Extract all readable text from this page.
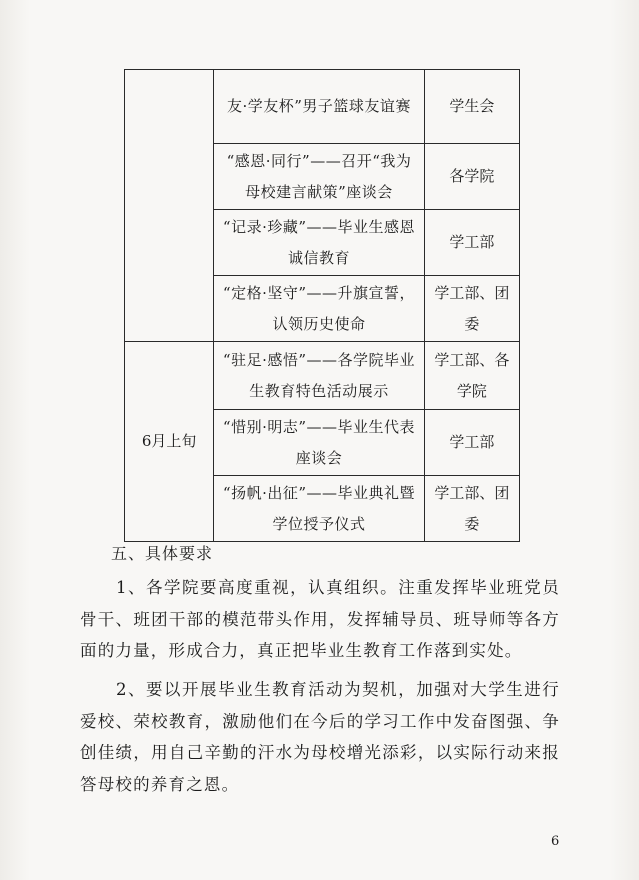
	友·学友杯”男子篮球友谊赛	学生会
	“感恩·同行”——召开“我为母校建言献策”座谈会	各学院
	“记录·珍藏”——毕业生感恩诚信教育	学工部
	“定格·坚守”——升旗宣誓，认领历史使命	学工部、团委
6月上旬	“驻足·感悟”——各学院毕业生教育特色活动展示	学工部、各学院
	“惜别·明志”——毕业生代表座谈会	学工部
	“扬帆·出征”——毕业典礼暨学位授予仪式	学工部、团委
五、具体要求

1、各学院要高度重视，认真组织。注重发挥毕业班党员骨干、班团干部的模范带头作用，发挥辅导员、班导师等各方面的力量，形成合力，真正把毕业生教育工作落到实处。

2、要以开展毕业生教育活动为契机，加强对大学生进行爱校、荣校教育，激励他们在今后的学习工作中发奋图强、争创佳绩，用自己辛勤的汗水为母校增光添彩，以实际行动来报答母校的养育之恩。

6
